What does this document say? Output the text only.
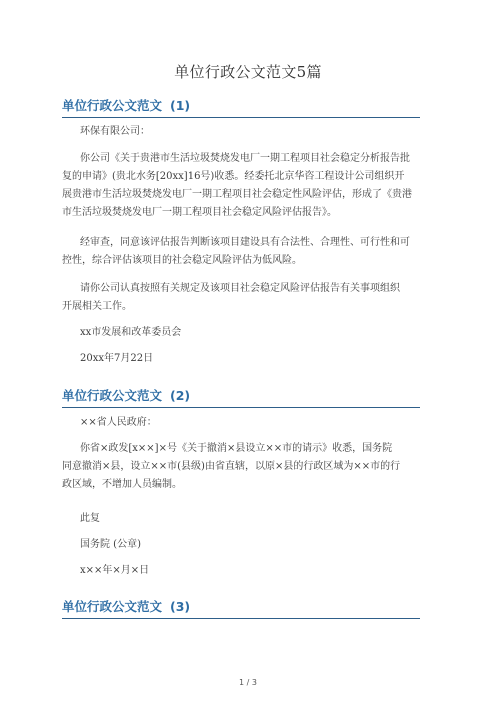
单位行政公文范文5篇
单位行政公文范文 (1)
环保有限公司：
你公司《关于贵港市生活垃圾焚烧发电厂一期工程项目社会稳定分析报告批
复的申请》(贵北水务[20xx]16号)收悉。经委托北京华咨工程设计公司组织开
展贵港市生活垃圾焚烧发电厂一期工程项目社会稳定性风险评估，形成了《贵港
市生活垃圾焚烧发电厂一期工程项目社会稳定风险评估报告》。
经审查，同意该评估报告判断该项目建设具有合法性、合理性、可行性和可
控性，综合评估该项目的社会稳定风险评估为低风险。
请你公司认真按照有关规定及该项目社会稳定风险评估报告有关事项组织
开展相关工作。
xx市发展和改革委员会
20xx年7月22日
单位行政公文范文 (2)
××省人民政府：
你省×政发[x××]×号《关于撤消×县设立××市的请示》收悉，国务院
同意撤消×县，设立××市(县级)由省直辖，以原×县的行政区域为××市的行
政区域，不增加人员编制。
此复
国务院 (公章)
x××年×月×日
单位行政公文范文 (3)
1 / 3
